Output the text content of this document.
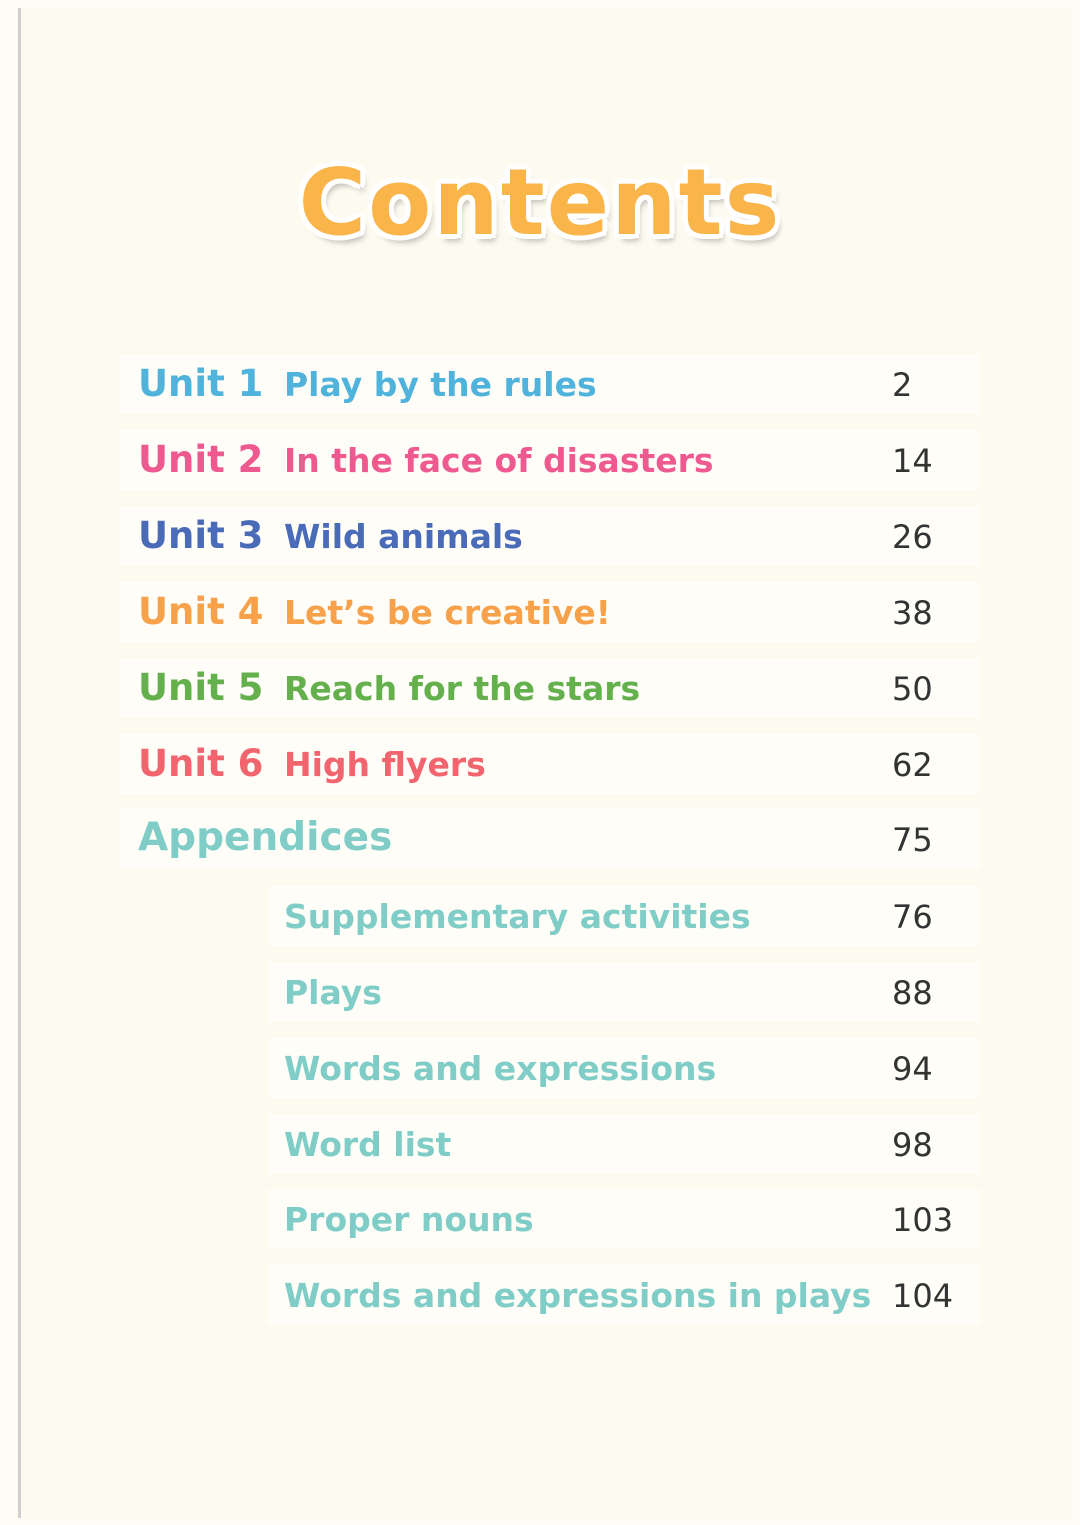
Contents
Unit 1 Play by the rules	2
Unit 2 In the face of disasters	14
Unit 3 Wild animals	26
Unit 4 Let’s be creative!	38
Unit 5 Reach for the stars	50
Unit 6 High flyers	62
Appendices	75
Supplementary activities	76
Plays	88
Words and expressions	94
Word list	98
Proper nouns	103
Words and expressions in plays 104
